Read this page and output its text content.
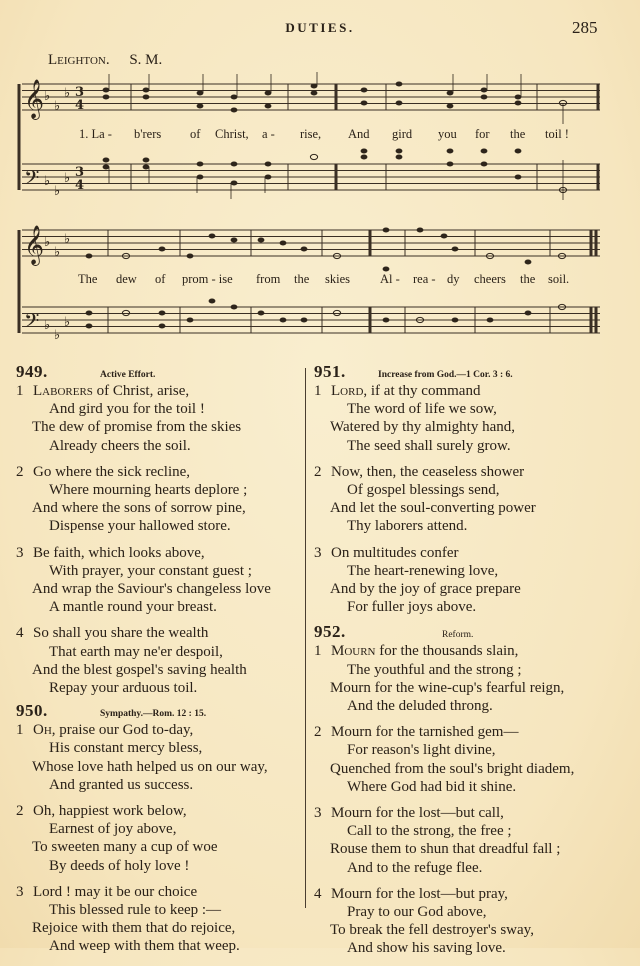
DUTIES.	285
Leighton. S. M.
𝄞
𝄢
𝄞
𝄢
♭
♭
♭
♭
♭
♭
♭
♭
♭
♭
♭
♭
3
4
3
4
1. La - b'rers of Christ, a - rise, And gird you for the toil !
The dew of prom - ise from the skies Al - rea - dy cheers the soil.
949.	Active Effort.
1 Laborers of Christ, arise,
And gird you for the toil !
The dew of promise from the skies
Already cheers the soil.
2 Go where the sick recline,
Where mourning hearts deplore ;
And where the sons of sorrow pine,
Dispense your hallowed store.
3 Be faith, which looks above,
With prayer, your constant guest ;
And wrap the Saviour's changeless love
A mantle round your breast.
4 So shall you share the wealth
That earth may ne'er despoil,
And the blest gospel's saving health
Repay your arduous toil.
950.	Sympathy.—Rom. 12 : 15.
1 Oh, praise our God to-day,
His constant mercy bless,
Whose love hath helped us on our way,
And granted us success.
2 Oh, happiest work below,
Earnest of joy above,
To sweeten many a cup of woe
By deeds of holy love !
3 Lord ! may it be our choice
This blessed rule to keep :—
Rejoice with them that do rejoice,
And weep with them that weep.
951.	Increase from God.—1 Cor. 3 : 6.
1 Lord, if at thy command
The word of life we sow,
Watered by thy almighty hand,
The seed shall surely grow.
2 Now, then, the ceaseless shower
Of gospel blessings send,
And let the soul-converting power
Thy laborers attend.
3 On multitudes confer
The heart-renewing love,
And by the joy of grace prepare
For fuller joys above.
952.	Reform.
1 Mourn for the thousands slain,
The youthful and the strong ;
Mourn for the wine-cup's fearful reign,
And the deluded throng.
2 Mourn for the tarnished gem—
For reason's light divine,
Quenched from the soul's bright diadem,
Where God had bid it shine.
3 Mourn for the lost—but call,
Call to the strong, the free ;
Rouse them to shun that dreadful fall ;
And to the refuge flee.
4 Mourn for the lost—but pray,
Pray to our God above,
To break the fell destroyer's sway,
And show his saving love.
